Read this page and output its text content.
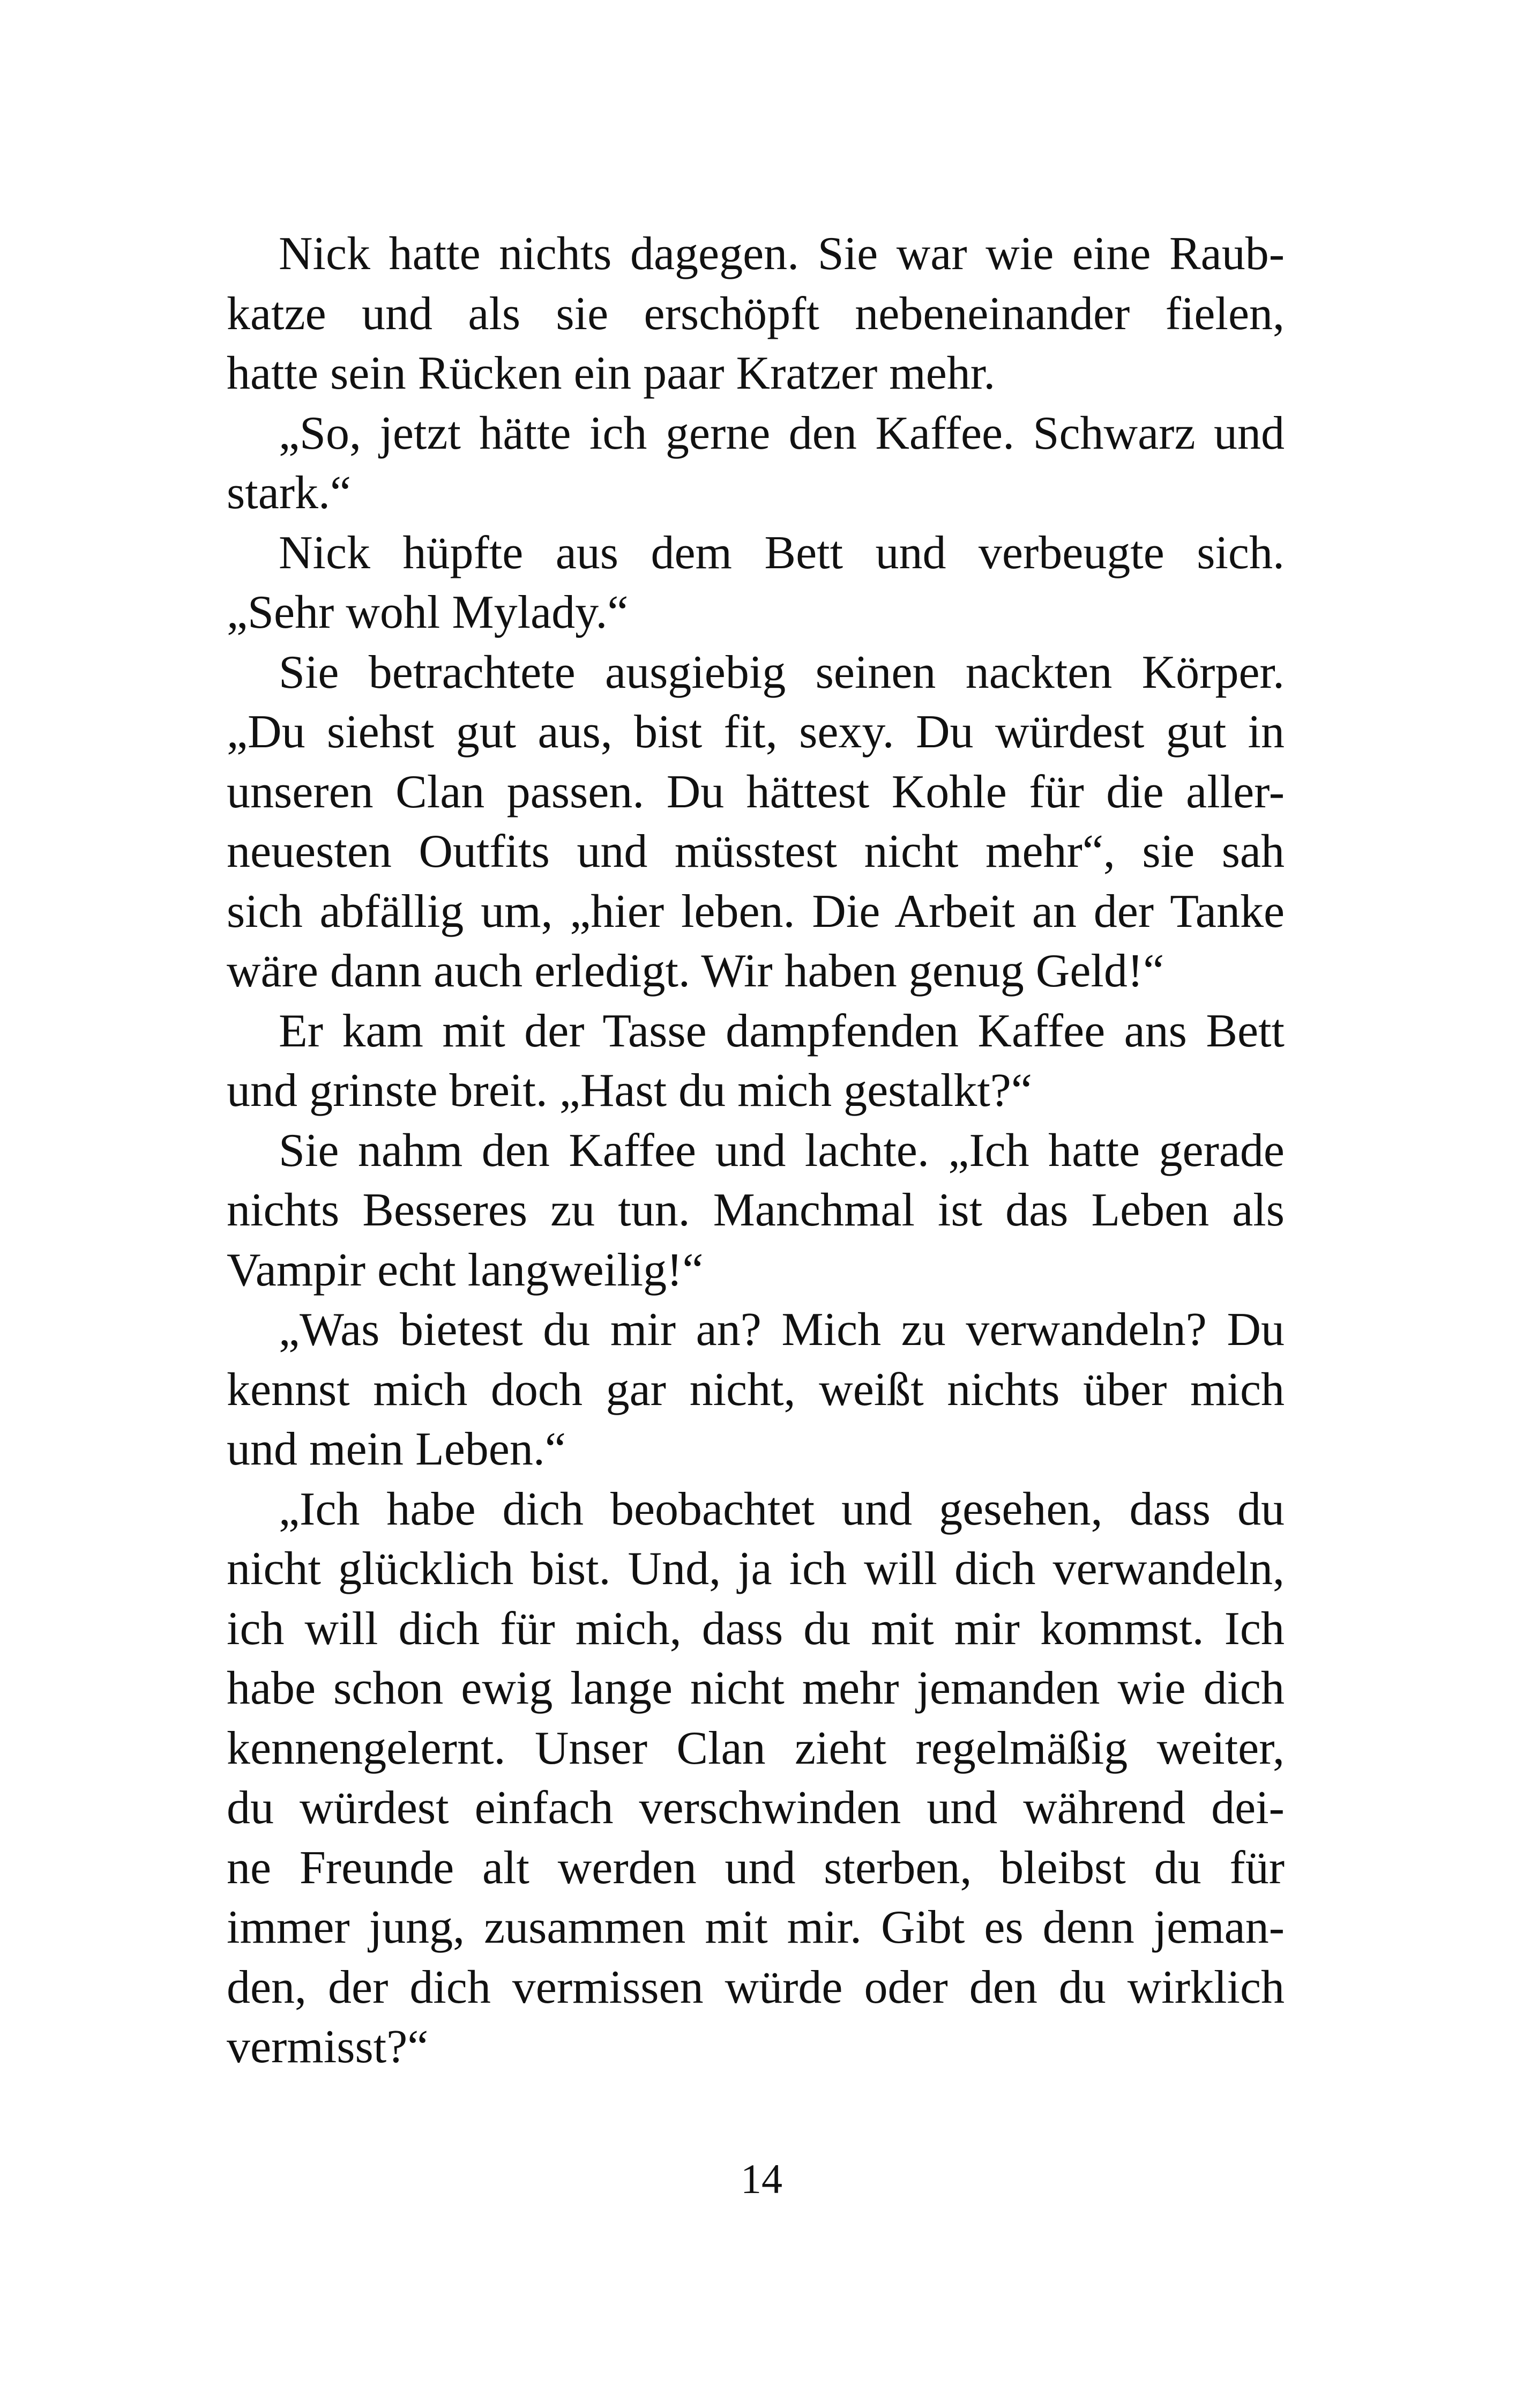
Nick hatte nichts dagegen. Sie war wie eine Raub-
katze und als sie erschöpft nebeneinander fielen,
hatte sein Rücken ein paar Kratzer mehr.
„So, jetzt hätte ich gerne den Kaffee. Schwarz und
stark.“
Nick hüpfte aus dem Bett und verbeugte sich.
„Sehr wohl Mylady.“
Sie betrachtete ausgiebig seinen nackten Körper.
„Du siehst gut aus, bist fit, sexy. Du würdest gut in
unseren Clan passen. Du hättest Kohle für die aller-
neuesten Outfits und müsstest nicht mehr“, sie sah
sich abfällig um, „hier leben. Die Arbeit an der Tanke
wäre dann auch erledigt. Wir haben genug Geld!“
Er kam mit der Tasse dampfenden Kaffee ans Bett
und grinste breit. „Hast du mich gestalkt?“
Sie nahm den Kaffee und lachte. „Ich hatte gerade
nichts Besseres zu tun. Manchmal ist das Leben als
Vampir echt langweilig!“
„Was bietest du mir an? Mich zu verwandeln? Du
kennst mich doch gar nicht, weißt nichts über mich
und mein Leben.“
„Ich habe dich beobachtet und gesehen, dass du
nicht glücklich bist. Und, ja ich will dich verwandeln,
ich will dich für mich, dass du mit mir kommst. Ich
habe schon ewig lange nicht mehr jemanden wie dich
kennengelernt. Unser Clan zieht regelmäßig weiter,
du würdest einfach verschwinden und während dei-
ne Freunde alt werden und sterben, bleibst du für
immer jung, zusammen mit mir. Gibt es denn jeman-
den, der dich vermissen würde oder den du wirklich
vermisst?“
14
